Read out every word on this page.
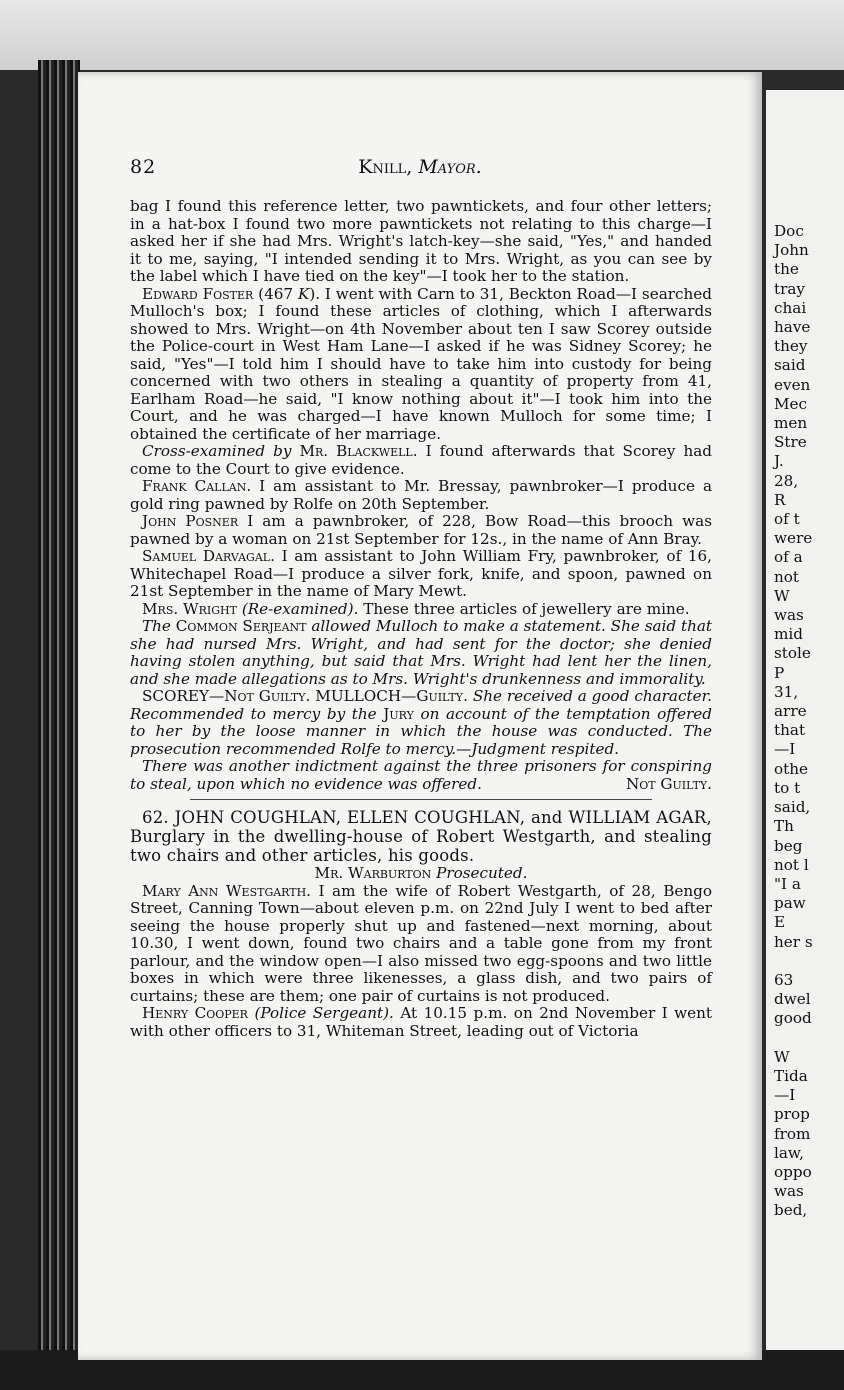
Doc
John
the
tray
chai
have
they
said
even
Mec
men
Stre
J.
28,
R
of t
were
of a
not
W
was
mid
stole
P
31,
arre
that
—I
othe
to t
said,
Th
beg
not l
"I a
paw
E
her s

63
dwel
good

W
Tida
—I
prop
from
law,
oppo
was
bed,
82	Knill, Mayor.

bag I found this reference letter, two pawntickets, and four other letters; in a hat-box I found two more pawntickets not relating to this charge—I asked her if she had Mrs. Wright's latch-key—she said, "Yes," and handed it to me, saying, "I intended sending it to Mrs. Wright, as you can see by the label which I have tied on the key"—I took her to the station.

Edward Foster (467 K). I went with Carn to 31, Beckton Road—I searched Mulloch's box; I found these articles of clothing, which I afterwards showed to Mrs. Wright—on 4th November about ten I saw Scorey outside the Police-court in West Ham Lane—I asked if he was Sidney Scorey; he said, "Yes"—I told him I should have to take him into custody for being concerned with two others in stealing a quantity of property from 41, Earlham Road—he said, "I know nothing about it"—I took him into the Court, and he was charged—I have known Mulloch for some time; I obtained the certificate of her marriage.

Cross-examined by Mr. Blackwell. I found afterwards that Scorey had come to the Court to give evidence.

Frank Callan. I am assistant to Mr. Bressay, pawnbroker—I produce a gold ring pawned by Rolfe on 20th September.

John Posner I am a pawnbroker, of 228, Bow Road—this brooch was pawned by a woman on 21st September for 12s., in the name of Ann Bray.

Samuel Darvagal. I am assistant to John William Fry, pawnbroker, of 16, Whitechapel Road—I produce a silver fork, knife, and spoon, pawned on 21st September in the name of Mary Mewt.

Mrs. Wright (Re-examined). These three articles of jewellery are mine.

The Common Serjeant allowed Mulloch to make a statement. She said that she had nursed Mrs. Wright, and had sent for the doctor; she denied having stolen anything, but said that Mrs. Wright had lent her the linen, and she made allegations as to Mrs. Wright's drunkenness and immorality.

SCOREY—Not Guilty. MULLOCH—Guilty. She received a good character. Recommended to mercy by the Jury on account of the temptation offered to her by the loose manner in which the house was conducted. The prosecution recommended Rolfe to mercy.—Judgment respited.

There was another indictment against the three prisoners for conspiring to steal, upon which no evidence was offered.	Not Guilty.

62. JOHN COUGHLAN, ELLEN COUGHLAN, and WILLIAM AGAR, Burglary in the dwelling-house of Robert Westgarth, and stealing two chairs and other articles, his goods.

Mr. Warburton Prosecuted.

Mary Ann Westgarth. I am the wife of Robert Westgarth, of 28, Bengo Street, Canning Town—about eleven p.m. on 22nd July I went to bed after seeing the house properly shut up and fastened—next morning, about 10.30, I went down, found two chairs and a table gone from my front parlour, and the window open—I also missed two egg-spoons and two little boxes in which were three likenesses, a glass dish, and two pairs of curtains; these are them; one pair of curtains is not produced.

Henry Cooper (Police Sergeant). At 10.15 p.m. on 2nd November I went with other officers to 31, Whiteman Street, leading out of Victoria
